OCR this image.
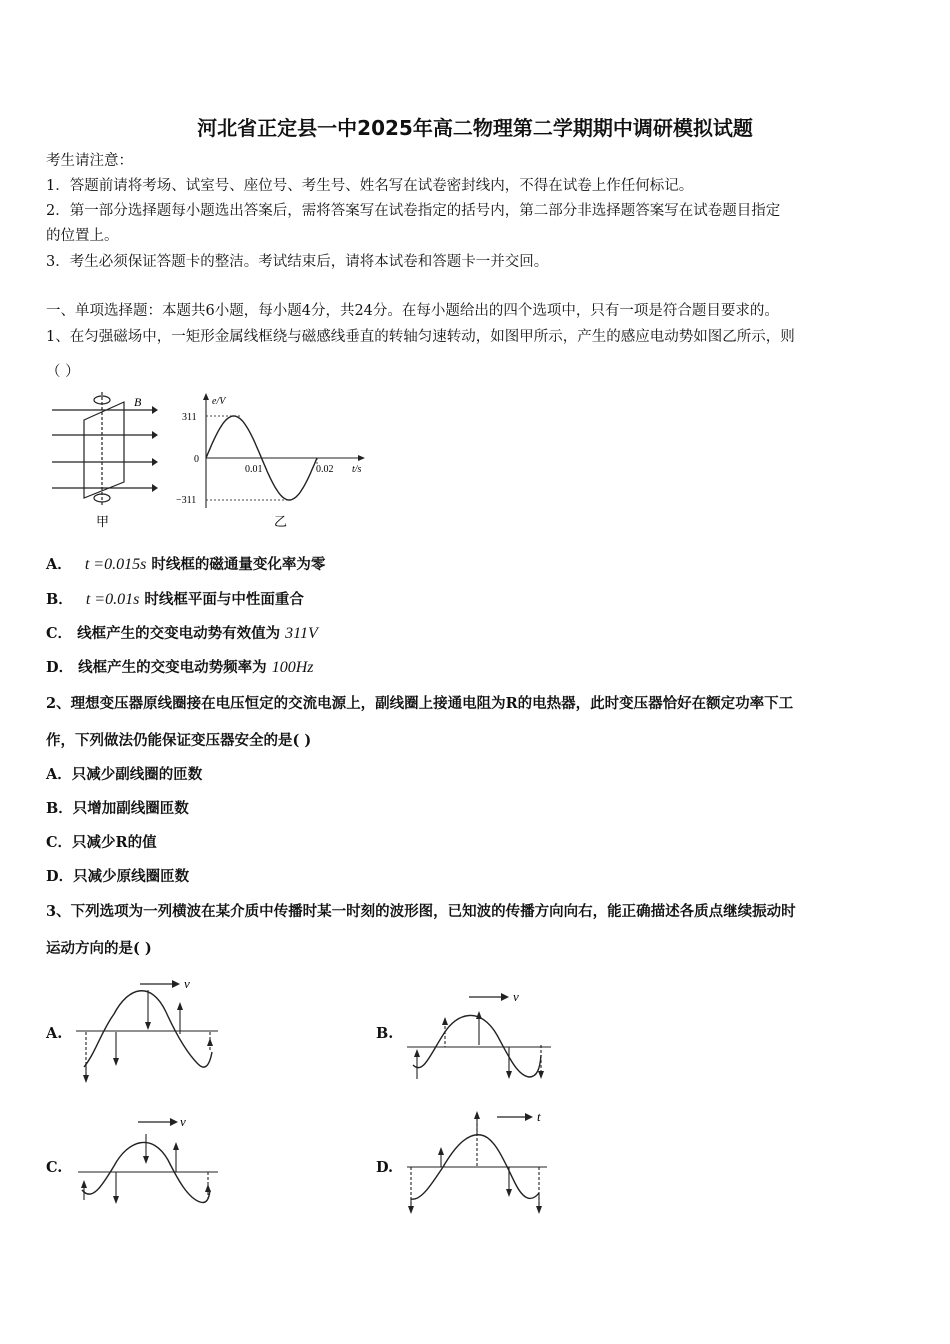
河北省正定县一中2025年高二物理第二学期期中调研模拟试题
考生请注意：
1．答题前请将考场、试室号、座位号、考生号、姓名写在试卷密封线内，不得在试卷上作任何标记。
2．第一部分选择题每小题选出答案后，需将答案写在试卷指定的括号内，第二部分非选择题答案写在试卷题目指定
的位置上。
3．考生必须保证答题卡的整洁。考试结束后，请将本试卷和答题卡一并交回。
一、单项选择题：本题共6小题，每小题4分，共24分。在每小题给出的四个选项中，只有一项是符合题目要求的。
1、在匀强磁场中，一矩形金属线框绕与磁感线垂直的转轴匀速转动，如图甲所示，产生的感应电动势如图乙所示，则
（ ）
B
甲
e/V
t/s
311
−311
0
0.01	0.02
乙
A． t =0.015s 时线框的磁通量变化率为零
B． t =0.01s 时线框平面与中性面重合
C． 线框产生的交变电动势有效值为 311V
D． 线框产生的交变电动势频率为 100Hz
2、理想变压器原线圈接在电压恒定的交流电源上，副线圈上接通电阻为R的电热器，此时变压器恰好在额定功率下工
作，下列做法仍能保证变压器安全的是( )
A．只减少副线圈的匝数
B．只增加副线圈匝数
C．只减少R的值
D．只减少原线圈匝数
3、下列选项为一列横波在某介质中传播时某一时刻的波形图，已知波的传播方向向右，能正确描述各质点继续振动时
运动方向的是( )
A.
v
B.
v
C.
v
D.
t
